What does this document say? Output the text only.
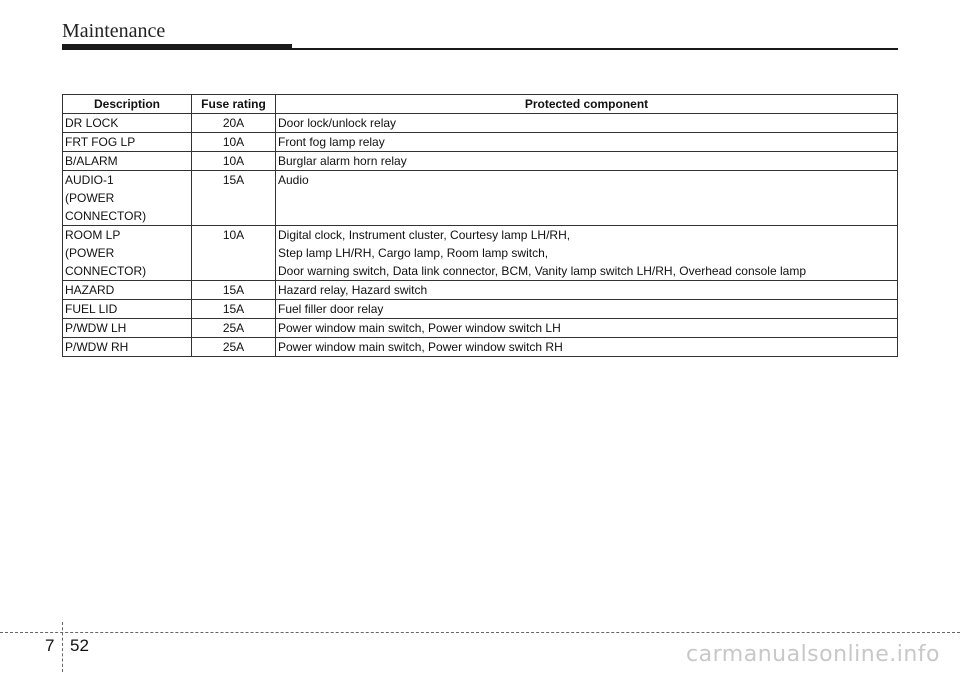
Maintenance
Description	Fuse rating	Protected component

DR LOCK	20A	Door lock/unlock relay

FRT FOG LP	10A	Front fog lamp relay

B/ALARM	10A	Burglar alarm horn relay

AUDIO-1
(POWER
CONNECTOR)	15A	Audio

ROOM LP
(POWER
CONNECTOR)	10A	Digital clock, Instrument cluster, Courtesy lamp LH/RH,
Step lamp LH/RH, Cargo lamp, Room lamp switch,
Door warning switch, Data link connector, BCM, Vanity lamp switch LH/RH, Overhead console lamp

HAZARD	15A	Hazard relay, Hazard switch

FUEL LID	15A	Fuel filler door relay

P/WDW LH	25A	Power window main switch, Power window switch LH

P/WDW RH	25A	Power window main switch, Power window switch RH
7 52	carmanualsonline.info
